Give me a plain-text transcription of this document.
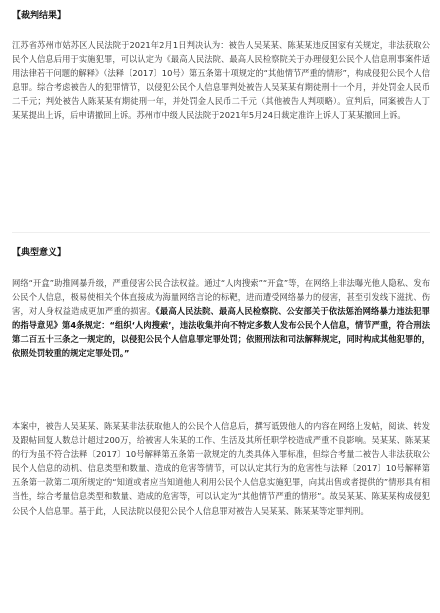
【裁判结果】

江苏省苏州市姑苏区人民法院于2021年2月1日判决认为：被告人吴某某、陈某某违反国家有关规定，非法获取公民个人信息后用于实施犯罪，可以认定为《最高人民法院、最高人民检察院关于办理侵犯公民个人信息刑事案件适用法律若干问题的解释》（法释〔2017〕10号）第五条第十项规定的“其他情节严重的情形”，构成侵犯公民个人信息罪。综合考虑被告人的犯罪情节，以侵犯公民个人信息罪判处被告人吴某某有期徒刑十一个月，并处罚金人民币二千元；判处被告人陈某某有期徒刑一年，并处罚金人民币二千元（其他被告人判项略）。宣判后，同案被告人丁某某提出上诉，后申请撤回上诉。苏州市中级人民法院于2021年5月24日裁定准许上诉人丁某某撤回上诉。

【典型意义】

网络“开盒”助推网暴升级，严重侵害公民合法权益。通过“人肉搜索”“开盒”等，在网络上非法曝光他人隐私、发布公民个人信息，极易使相关个体直接成为海量网络言论的标靶，进而遭受网络暴力的侵害，甚至引发线下滋扰、伤害，对人身权益造成更加严重的损害。《最高人民法院、最高人民检察院、公安部关于依法惩治网络暴力违法犯罪的指导意见》第4条规定：“组织‘人肉搜索’，违法收集并向不特定多数人发布公民个人信息，情节严重，符合刑法第二百五十三条之一规定的，以侵犯公民个人信息罪定罪处罚；依照刑法和司法解释规定，同时构成其他犯罪的，依照处罚较重的规定定罪处罚。”

本案中，被告人吴某某、陈某某非法获取他人的公民个人信息后，撰写诋毁他人的内容在网络上发帖，阅读、转发及跟帖回复人数总计超过200万，给被害人朱某的工作、生活及其所任职学校造成严重不良影响。吴某某、陈某某的行为虽不符合法释〔2017〕10号解释第五条第一款规定的九类具体入罪标准，但综合考量二被告人非法获取公民个人信息的动机、信息类型和数量、造成的危害等情节，可以认定其行为的危害性与法释〔2017〕10号解释第五条第一款第二项所规定的“知道或者应当知道他人利用公民个人信息实施犯罪，向其出售或者提供的”情形具有相当性，综合考量信息类型和数量、造成的危害等，可以认定为“其他情节严重的情形”。故吴某某、陈某某构成侵犯公民个人信息罪。基于此，人民法院以侵犯公民个人信息罪对被告人吴某某、陈某某等定罪判刑。
